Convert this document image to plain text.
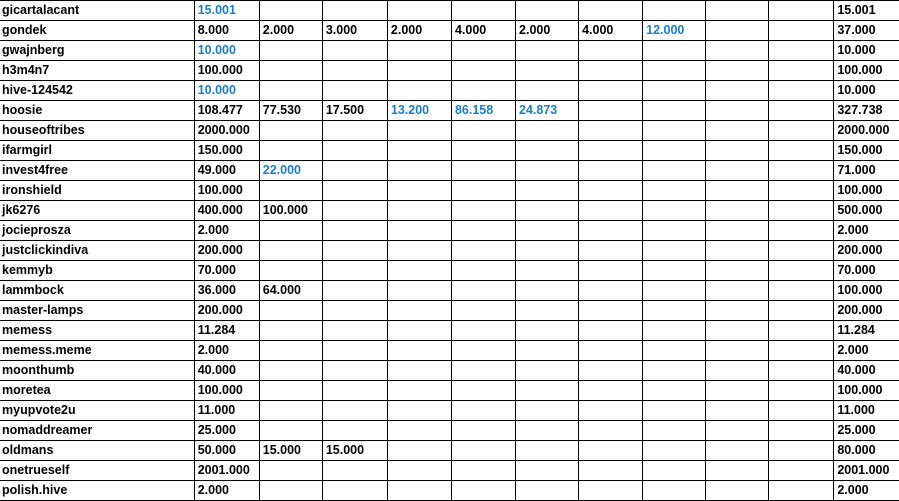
gicartalacant	15.001										15.001
gondek	8.000	2.000	3.000	2.000	4.000	2.000	4.000	12.000			37.000
gwajnberg	10.000										10.000
h3m4n7	100.000										100.000
hive-124542	10.000										10.000
hoosie	108.477	77.530	17.500	13.200	86.158	24.873					327.738
houseoftribes	2000.000										2000.000
ifarmgirl	150.000										150.000
invest4free	49.000	22.000									71.000
ironshield	100.000										100.000
jk6276	400.000	100.000									500.000
jocieprosza	2.000										2.000
justclickindiva	200.000										200.000
kemmyb	70.000										70.000
lammbock	36.000	64.000									100.000
master-lamps	200.000										200.000
memess	11.284										11.284
memess.meme	2.000										2.000
moonthumb	40.000										40.000
moretea	100.000										100.000
myupvote2u	11.000										11.000
nomaddreamer	25.000										25.000
oldmans	50.000	15.000	15.000								80.000
onetrueself	2001.000										2001.000
polish.hive	2.000										2.000
